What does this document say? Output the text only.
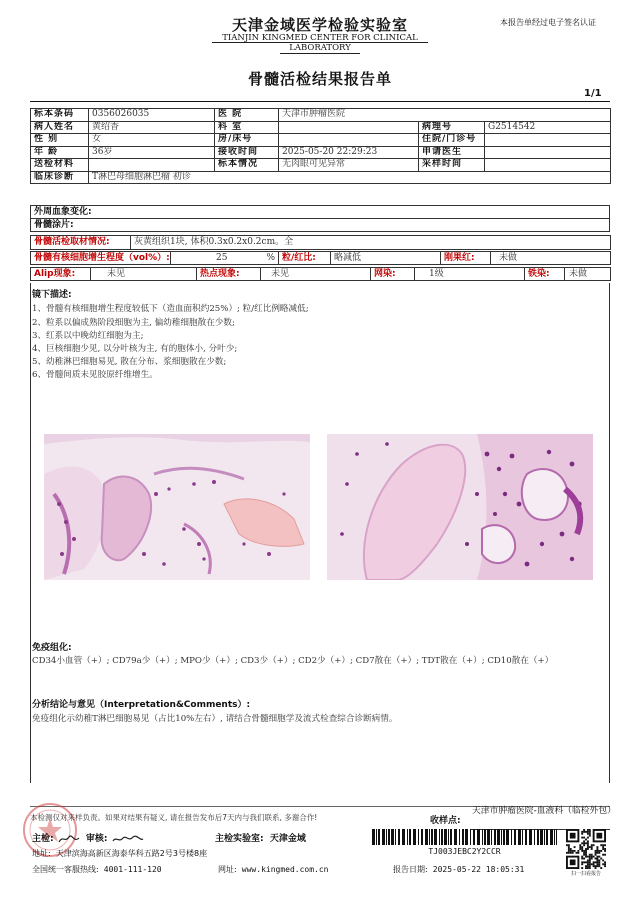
天津金域医学检验实验室
TIANJIN KINGMED CENTER FOR CLINICAL
LABORATORY
本报告单经过电子签名认证
骨髓活检结果报告单
1/1
标本条码	0356026035	医 院	天津市肿瘤医院		
病人姓名	黄绍香	科 室		病理号	G2514542
性 别	女	房/床号		住院/门诊号	
年 龄	36岁	接收时间	2025-05-20 22:29:23	申请医生	
送检材料		标本情况	无肉眼可见异常	采样时间	
临床诊断	T淋巴母细胞淋巴瘤 初诊				
外周血象变化:
骨髓涂片:
骨髓活检取材情况:	灰黄组织1块, 体积0.3x0.2x0.2cm。全
骨髓有核细胞增生程度（vol%）:	25	%	粒/红比:	略减低	刚果红:	未做
Alip现象:	未见	热点现象:	未见	网染:	1级	铁染:	未做
镜下描述:
1、骨髓有核细胞增生程度较低下（造血面积约25%）; 粒/红比例略减低;
2、粒系以偏成熟阶段细胞为主, 偏幼稚细胞散在少数;
3、红系以中晚幼红细胞为主;
4、巨核细胞少见, 以分叶核为主, 有的胞体小, 分叶少;
5、幼稚淋巴细胞易见, 散在分布、浆细胞散在少数;
6、骨髓间质未见胶原纤维增生。
免疫组化:
CD34小血管（+）; CD79a少（+）; MPO少（+）; CD3少（+）; CD2少（+）; CD7散在（+）; TDT散在（+）; CD10散在（+）
分析结论与意见（Interpretation&Comments）:
免疫组化示幼稚T淋巴细胞易见（占比10%左右）, 请结合骨髓细胞学及流式检查综合诊断病情。
本检测仅对来样负责。如果对结果有疑义, 请在报告发布后7天内与我们联系, 多谢合作!	收样点:
天津市肿瘤医院-血液科（临检外包）
主检:	审核:	主检实验室: 天津金域
地址: 天津滨海高新区海泰华科五路2号3号楼8座
全国统一客服热线: 4001-111-120	网址: www.kingmed.com.cn	报告日期: 2025-05-22 18:05:31
TJ003JEBC2Y2CCR
扫一扫看报告
